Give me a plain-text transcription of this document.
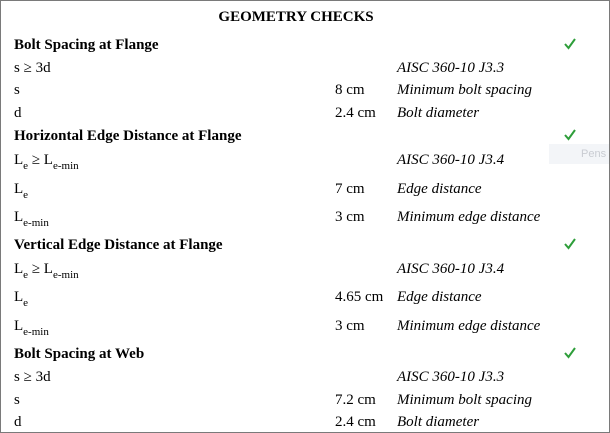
GEOMETRY CHECKS
Bolt Spacing at Flange
s ≥ 3d	AISC 360-10 J3.3
s	8 cm Minimum bolt spacing
d	2.4 cm Bolt diameter
Horizontal Edge Distance at Flange
$L_e \ge L_{e-min}$	AISC 360-10 J3.4
$L_e$	7 cm Edge distance
$L_{e-min}$	3 cm Minimum edge distance
Vertical Edge Distance at Flange
$L_e \ge L_{e-min}$	AISC 360-10 J3.4
$L_e$	4.65 cm Edge distance
$L_{e-min}$	3 cm Minimum edge distance
Bolt Spacing at Web
s ≥ 3d	AISC 360-10 J3.3
s	7.2 cm Minimum bolt spacing
d	2.4 cm Bolt diameter
Pens
